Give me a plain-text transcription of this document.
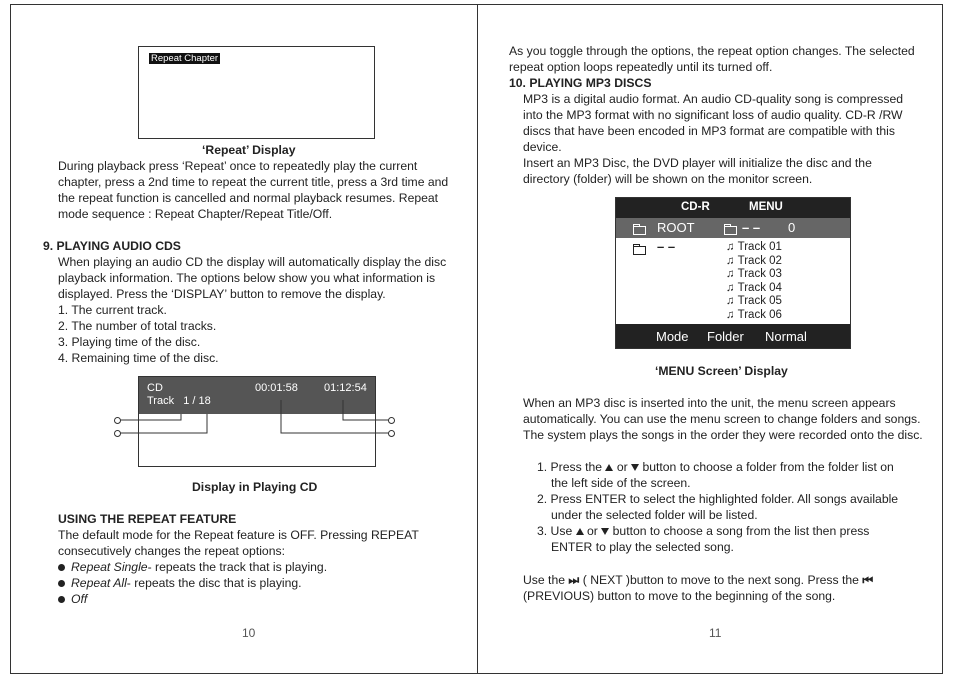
Repeat Chapter
‘Repeat’ Display
During playback press ‘Repeat’ once to repeatedly play the current
chapter, press a 2nd time to repeat the current title, press a 3rd time and
the repeat function is cancelled and normal playback resumes. Repeat
mode sequence : Repeat Chapter/Repeat Title/Off.
9. PLAYING AUDIO CDS
When playing an audio CD the display will automatically display the disc
playback information. The options below show you what information is
displayed. Press the ‘DISPLAY’ button to remove the display.
1. The current track.
2. The number of total tracks.
3. Playing time of the disc.
4. Remaining time of the disc.
CD
Track   1 / 18
00:01:58 01:12:54
Display in Playing CD
USING THE REPEAT FEATURE
The default mode for the Repeat feature is OFF. Pressing REPEAT
consecutively changes the repeat options:
Repeat Single- repeats the track that is playing.
Repeat All- repeats the disc that is playing.
Off
10
As you toggle through the options, the repeat option changes. The selected
repeat option loops repeatedly until its turned off.
10. PLAYING MP3 DISCS
MP3 is a digital audio format. An audio CD-quality song is compressed
into the MP3 format with no significant loss of audio quality. CD-R /RW
discs that have been encoded in MP3 format are compatible with this
device.
Insert an MP3 Disc, the DVD player will initialize the disc and the
directory (folder) will be shown on the monitor screen.
CD-R	MENU
ROOT	– – 0
– –	♫ Track 01
♫ Track 02
♫ Track 03
♫ Track 04
♫ Track 05
♫ Track 06
Mode Folder Normal
‘MENU Screen’ Display
When an MP3 disc is inserted into the unit, the menu screen appears
automatically. You can use the menu screen to change folders and songs.
The system plays the songs in the order they were recorded onto the disc.
1. Press the or button to choose a folder from the folder list on
the left side of the screen.
2. Press ENTER to select the highlighted folder. All songs available
under the selected folder will be listed.
3. Use or button to choose a song from the list then press
ENTER to play the selected song.
Use the ⏭ ( NEXT )button to move to the next song. Press the ⏮
(PREVIOUS) button to move to the beginning of the song.
11
